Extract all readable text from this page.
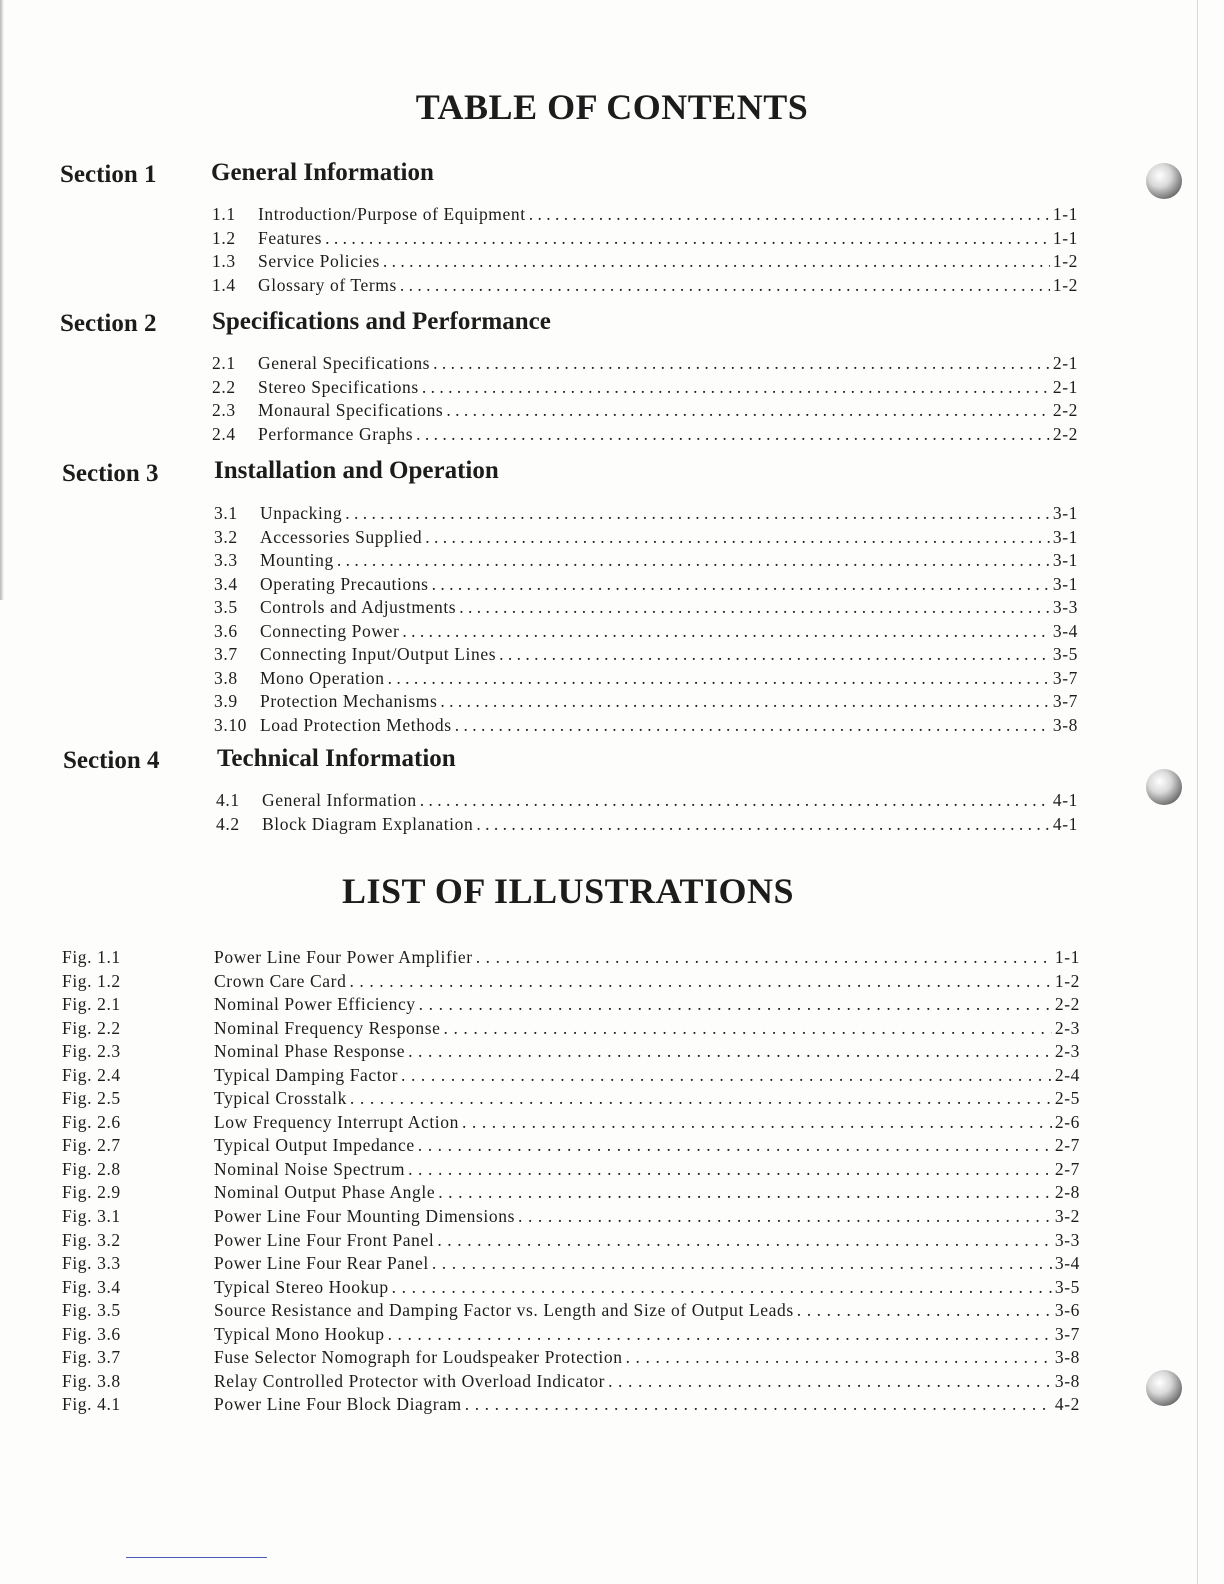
TABLE OF CONTENTS
Section 1 General Information
1.1	Introduction/Purpose of Equipment . . .	1-1
1.2	Features . . .	1-1
1.3	Service Policies . . .	1-2
1.4	Glossary of Terms . . .	1-2
Section 2 Specifications and Performance
2.1	General Specifications . . .	2-1
2.2	Stereo Specifications . . .	2-1
2.3	Monaural Specifications . . .	2-2
2.4	Performance Graphs . . .	2-2
Section 3 Installation and Operation
3.1	Unpacking . . .	3-1
3.2	Accessories Supplied . . .	3-1
3.3	Mounting . . .	3-1
3.4	Operating Precautions . . .	3-1
3.5	Controls and Adjustments . . .	3-3
3.6	Connecting Power . . .	3-4
3.7	Connecting Input/Output Lines . . .	3-5
3.8	Mono Operation . . .	3-7
3.9	Protection Mechanisms . . .	3-7
3.10 Load Protection Methods . . .	3-8
Section 4 Technical Information
4.1	General Information . . .	4-1
4.2	Block Diagram Explanation . . .	4-1
LIST OF ILLUSTRATIONS
Fig. 1.1	Power Line Four Power Amplifier . . .	1-1
Fig. 1.2	Crown Care Card . . .	1-2
Fig. 2.1	Nominal Power Efficiency . . .	2-2
Fig. 2.2	Nominal Frequency Response . . .	2-3
Fig. 2.3	Nominal Phase Response . . .	2-3
Fig. 2.4	Typical Damping Factor . . .	2-4
Fig. 2.5	Typical Crosstalk . . .	2-5
Fig. 2.6	Low Frequency Interrupt Action . . .	2-6
Fig. 2.7	Typical Output Impedance . . .	2-7
Fig. 2.8	Nominal Noise Spectrum . . .	2-7
Fig. 2.9	Nominal Output Phase Angle . . .	2-8
Fig. 3.1	Power Line Four Mounting Dimensions . . .	3-2
Fig. 3.2	Power Line Four Front Panel . . .	3-3
Fig. 3.3	Power Line Four Rear Panel . . .	3-4
Fig. 3.4	Typical Stereo Hookup . . .	3-5
Fig. 3.5	Source Resistance and Damping Factor vs. Length and Size of Output Leads . . .	3-6
Fig. 3.6	Typical Mono Hookup . . .	3-7
Fig. 3.7	Fuse Selector Nomograph for Loudspeaker Protection . . .	3-8
Fig. 3.8	Relay Controlled Protector with Overload Indicator . . .	3-8
Fig. 4.1	Power Line Four Block Diagram . . .	4-2
